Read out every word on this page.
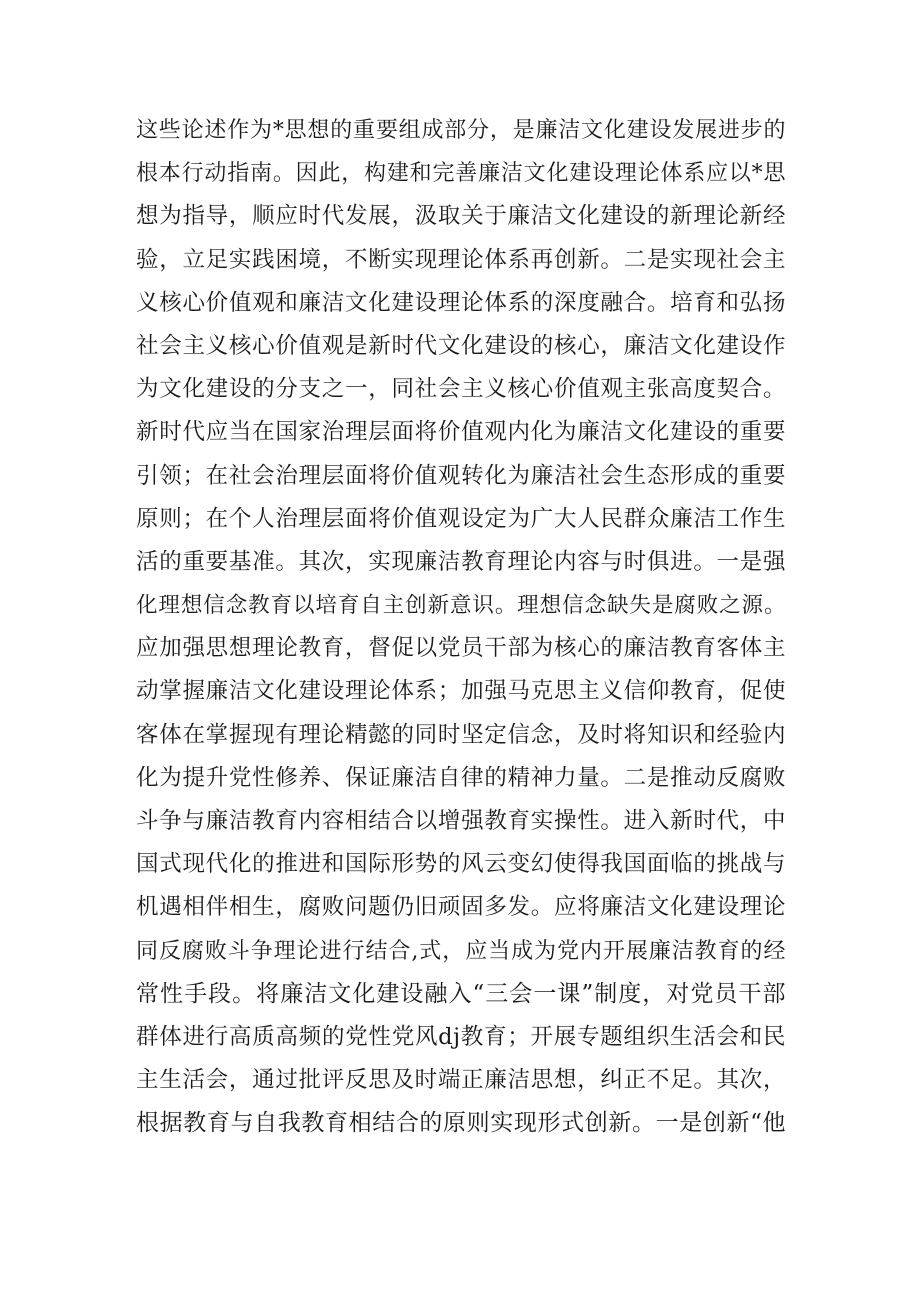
这些论述作为*思想的重要组成部分，是廉洁文化建设发展进步的
根本行动指南。因此，构建和完善廉洁文化建设理论体系应以*思
想为指导，顺应时代发展，汲取关于廉洁文化建设的新理论新经
验，立足实践困境，不断实现理论体系再创新。二是实现社会主
义核心价值观和廉洁文化建设理论体系的深度融合。培育和弘扬
社会主义核心价值观是新时代文化建设的核心，廉洁文化建设作
为文化建设的分支之一，同社会主义核心价值观主张高度契合。
新时代应当在国家治理层面将价值观内化为廉洁文化建设的重要
引领；在社会治理层面将价值观转化为廉洁社会生态形成的重要
原则；在个人治理层面将价值观设定为广大人民群众廉洁工作生
活的重要基准。其次，实现廉洁教育理论内容与时俱进。一是强
化理想信念教育以培育自主创新意识。理想信念缺失是腐败之源。
应加强思想理论教育，督促以党员干部为核心的廉洁教育客体主
动掌握廉洁文化建设理论体系；加强马克思主义信仰教育，促使
客体在掌握现有理论精懿的同时坚定信念，及时将知识和经验内
化为提升党性修养、保证廉洁自律的精神力量。二是推动反腐败
斗争与廉洁教育内容相结合以增强教育实操性。进入新时代，中
国式现代化的推进和国际形势的风云变幻使得我国面临的挑战与
机遇相伴相生，腐败问题仍旧顽固多发。应将廉洁文化建设理论
同反腐败斗争理论进行结合,式，应当成为党内开展廉洁教育的经
常性手段。将廉洁文化建设融入“三会一课”制度，对党员干部
群体进行高质高频的党性党风dj教育；开展专题组织生活会和民
主生活会，通过批评反思及时端正廉洁思想，纠正不足。其次，
根据教育与自我教育相结合的原则实现形式创新。一是创新“他
